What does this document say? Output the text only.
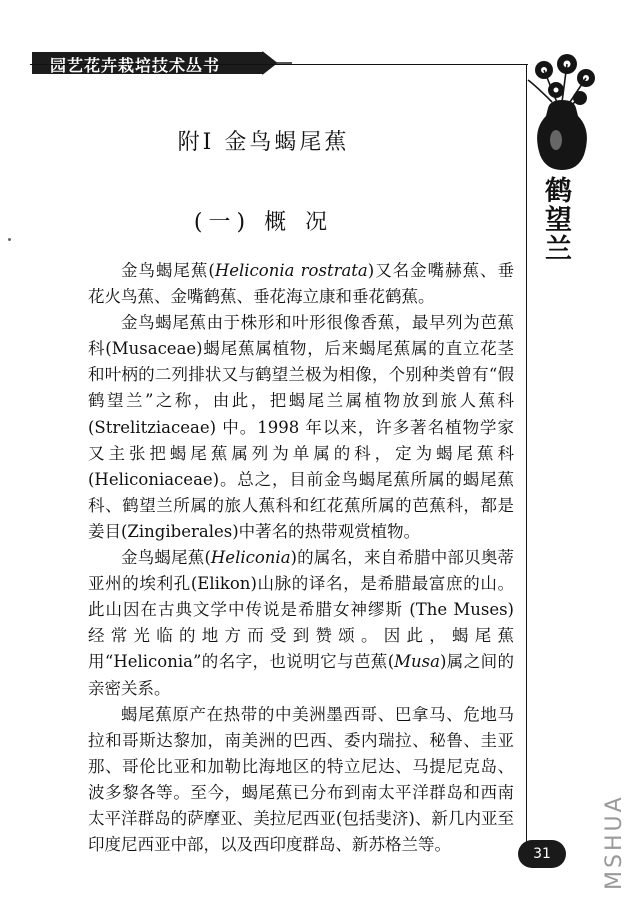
园艺花卉栽培技术丛书
鹤望兰
附Ⅰ 金鸟蝎尾蕉
(一) 概 况

金鸟蝎尾蕉(Heliconia rostrata)又名金嘴赫蕉、垂花火鸟蕉、金嘴鹤蕉、垂花海立康和垂花鹤蕉。

金鸟蝎尾蕉由于株形和叶形很像香蕉，最早列为芭蕉科(Musaceae)蝎尾蕉属植物，后来蝎尾蕉属的直立花茎和叶柄的二列排状又与鹤望兰极为相像，个别种类曾有“假鹤望兰”之称，由此，把蝎尾兰属植物放到旅人蕉科 (Strelitziaceae) 中。1998 年以来，许多著名植物学家又主张把蝎尾蕉属列为单属的科，定为蝎尾蕉科(Heliconiaceae)。总之，目前金鸟蝎尾蕉所属的蝎尾蕉科、鹤望兰所属的旅人蕉科和红花蕉所属的芭蕉科，都是姜目(Zingiberales)中著名的热带观赏植物。

金鸟蝎尾蕉(Heliconia)的属名，来自希腊中部贝奥蒂亚州的埃利孔(Elikon)山脉的译名，是希腊最富庶的山。此山因在古典文学中传说是希腊女神缪斯 (The Muses) 经常光临的地方而受到赞颂。因此，蝎尾蕉用“Heliconia”的名字，也说明它与芭蕉(Musa)属之间的亲密关系。

蝎尾蕉原产在热带的中美洲墨西哥、巴拿马、危地马拉和哥斯达黎加，南美洲的巴西、委内瑞拉、秘鲁、圭亚那、哥伦比亚和加勒比海地区的特立尼达、马提尼克岛、波多黎各等。至今，蝎尾蕉已分布到南太平洋群岛和西南太平洋群岛的萨摩亚、美拉尼西亚(包括斐济)、新几内亚至印度尼西亚中部，以及西印度群岛、新苏格兰等。	31	MSHUA
